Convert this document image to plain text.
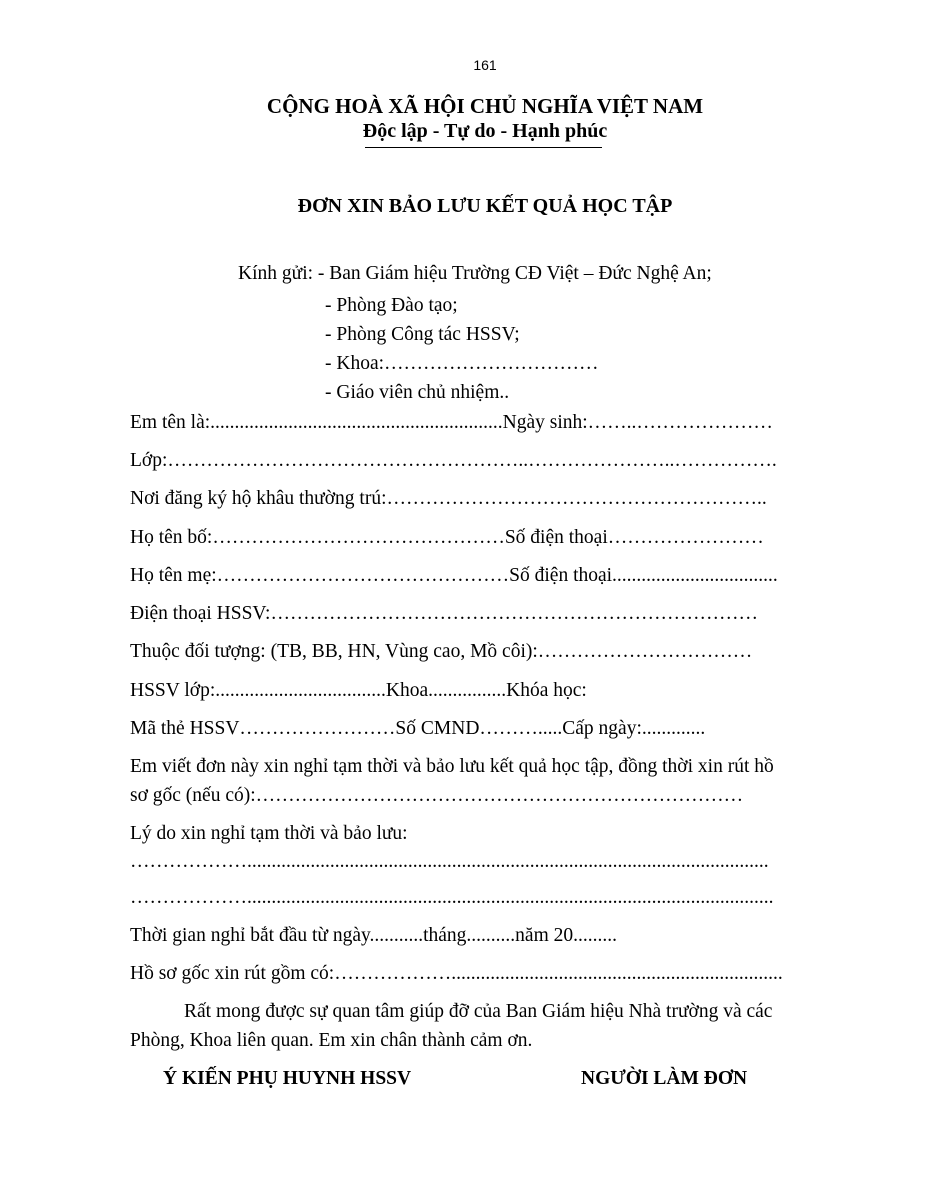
161
CỘNG HOÀ XÃ HỘI CHỦ NGHĨA VIỆT NAM
Độc lập - Tự do - Hạnh phúc
ĐƠN XIN BẢO LƯU KẾT QUẢ HỌC TẬP
Kính gửi: - Ban Giám hiệu Trường CĐ Việt – Đức Nghệ An;
- Phòng Đào tạo;
- Phòng Công tác HSSV;
- Khoa:……………………………
- Giáo viên chủ nhiệm..
Em tên là:............................................................Ngày sinh:……..…………………
Lớp:………………………………………………..…………………..…………….
Nơi đăng ký hộ khâu thường trú:…………………………………………………..
Họ tên bố:………………………………………Số điện thoại……………………
Họ tên mẹ:………………………………………Số điện thoại..................................
Điện thoại HSSV:…………………………………………………………………
Thuộc đối tượng: (TB, BB, HN, Vùng cao, Mồ côi):……………………………
HSSV lớp:...................................Khoa................Khóa học:
Mã thẻ HSSV……………………Số CMND……….....Cấp ngày:.............
Em viết đơn này xin nghỉ tạm thời và bảo lưu kết quả học tập, đồng thời xin rút hồ
sơ gốc (nếu có):…………………………………………………………………
Lý do xin nghỉ tạm thời và bảo lưu:
………………...........................................................................................................
………………............................................................................................................
Thời gian nghỉ bắt đầu từ ngày...........tháng..........năm 20.........
Hồ sơ gốc xin rút gồm có:………………....................................................................
Rất mong được sự quan tâm giúp đỡ của Ban Giám hiệu Nhà trường và các
Phòng, Khoa liên quan. Em xin chân thành cảm ơn.
Ý KIẾN PHỤ HUYNH HSSV	NGƯỜI LÀM ĐƠN
